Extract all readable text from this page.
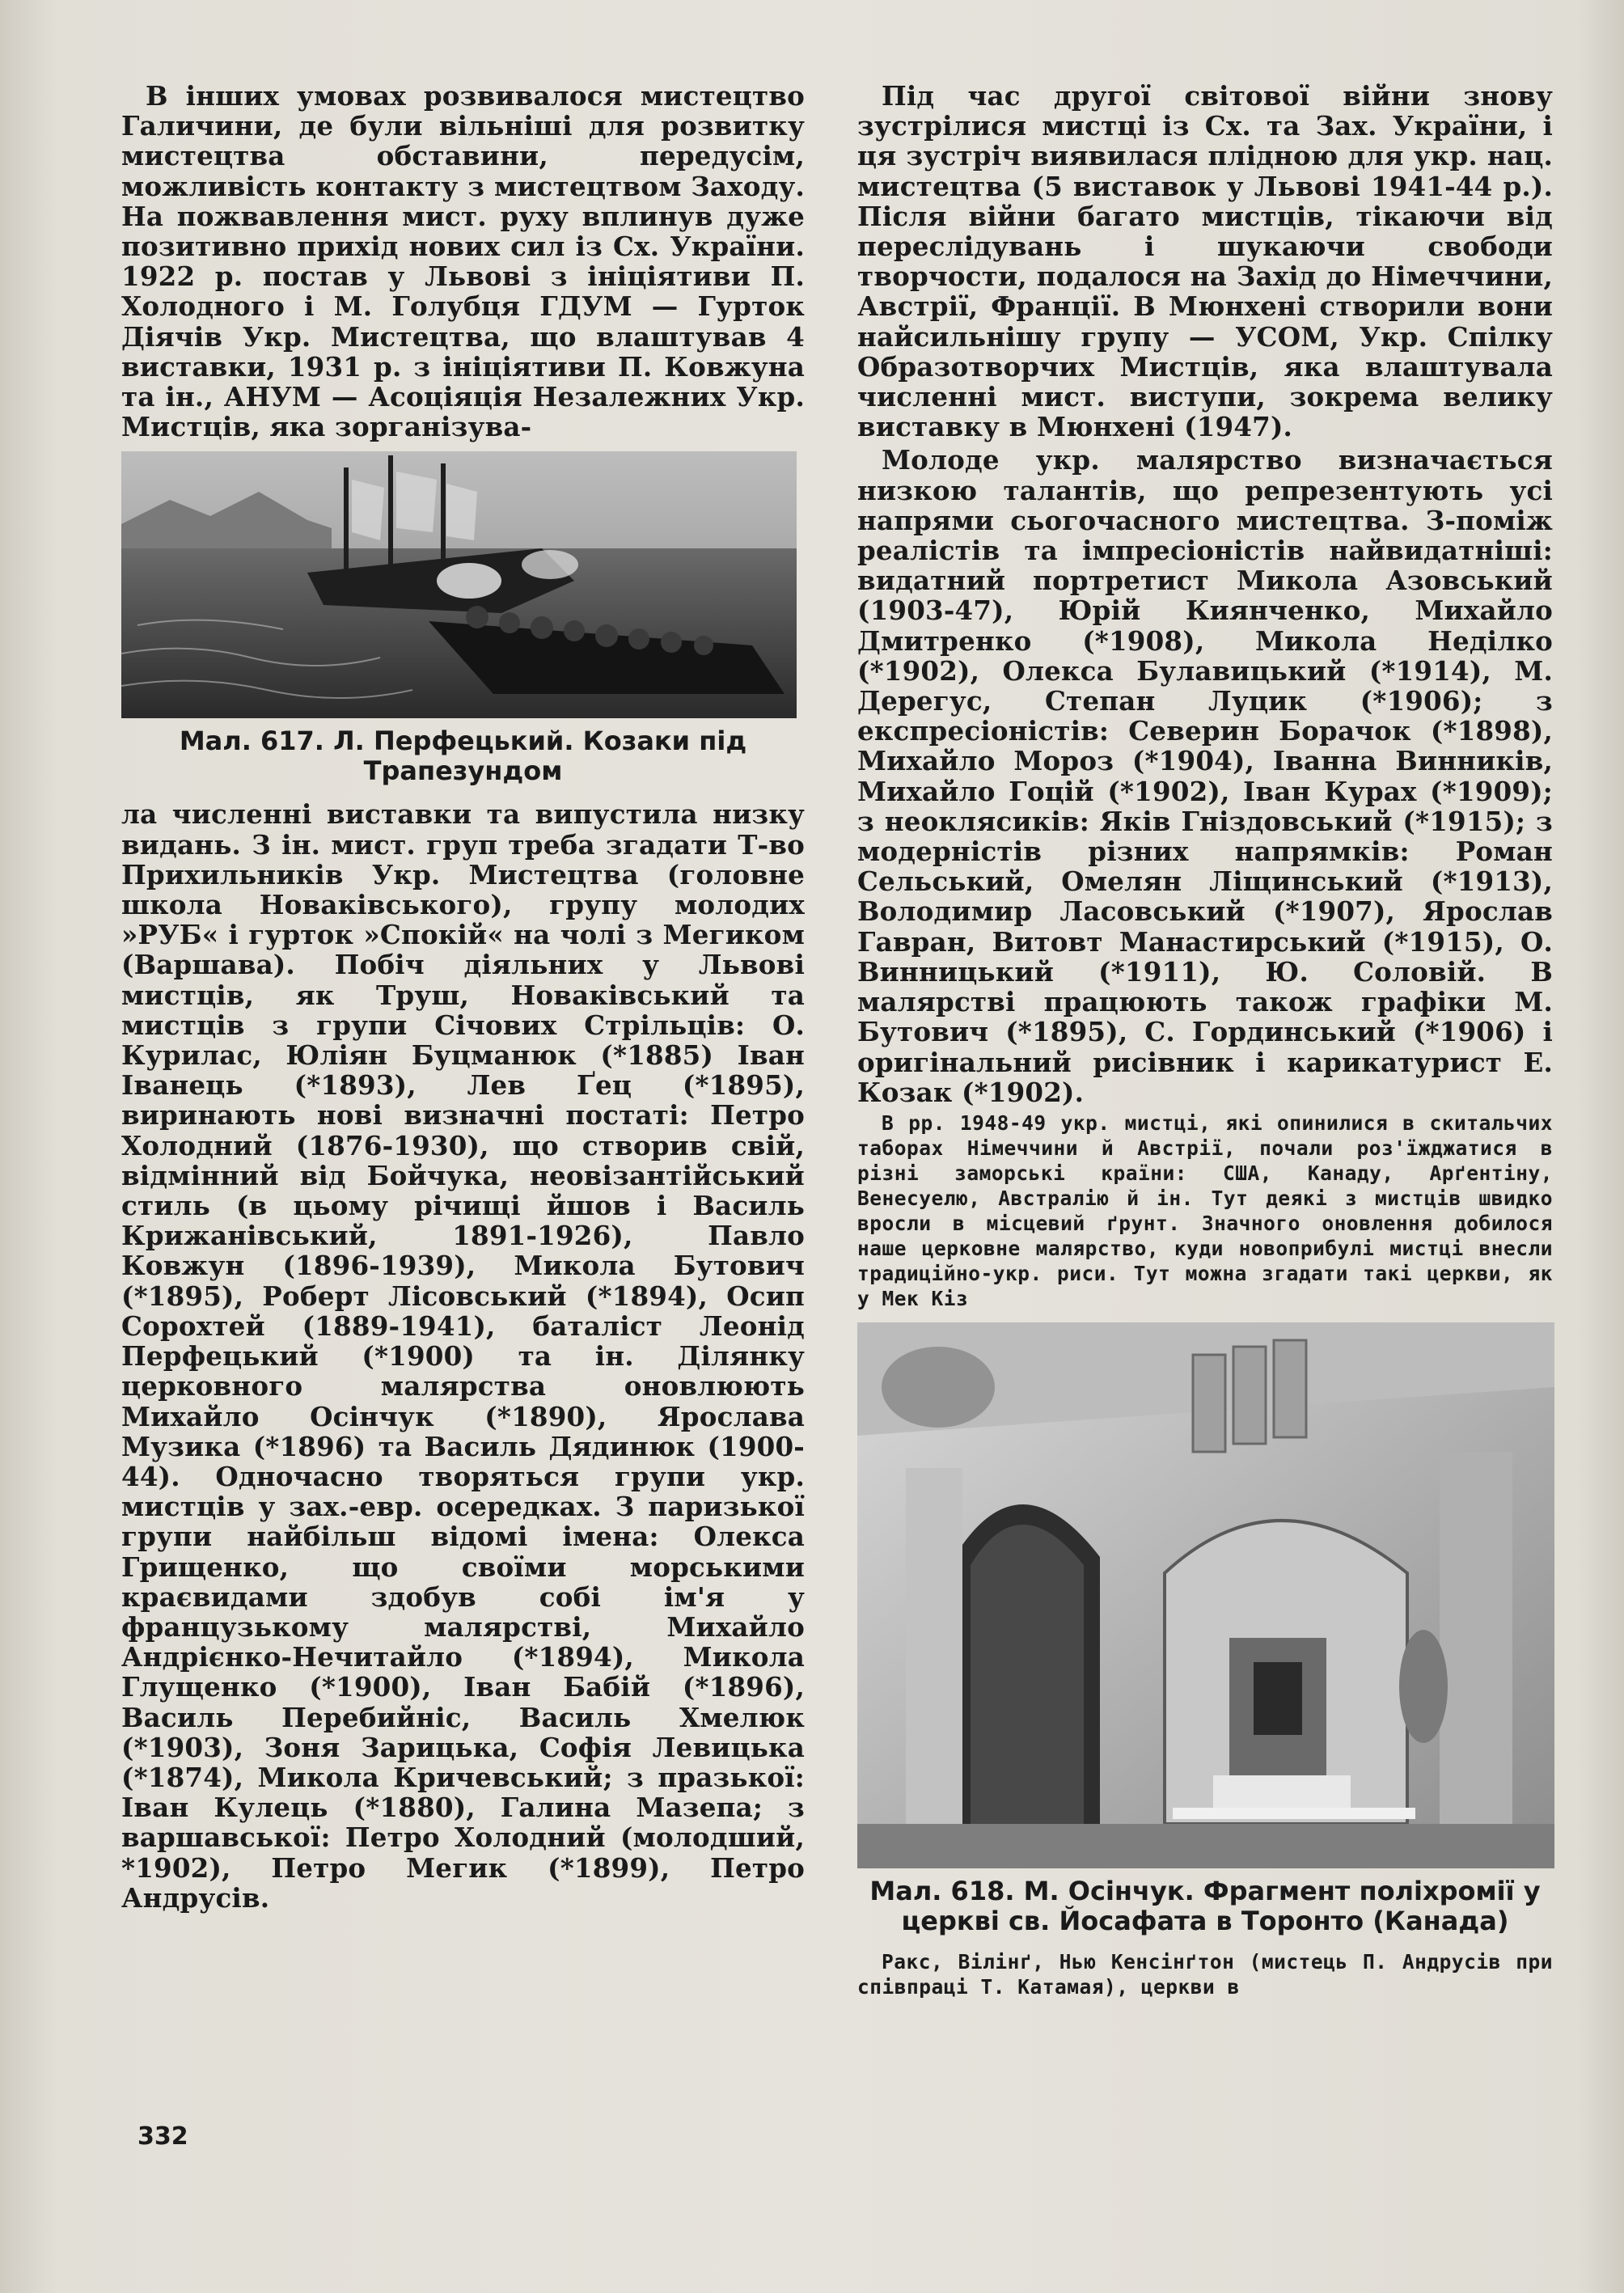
В інших умовах розвивалося мистецтво Галичини, де були вільніші для розвитку мистецтва обставини, передусім, можливість контакту з мистецтвом Заходу. На пожвавлення мист. руху вплинув дуже позитивно прихід нових сил із Сх. України. 1922 р. постав у Львові з ініціятиви П. Холодного і М. Голубця ГДУМ — Гурток Діячів Укр. Мистецтва, що влаштував 4 виставки, 1931 р. з ініціятиви П. Ковжуна та ін., АНУМ — Асоціяція Незалежних Укр. Мистців, яка зорганізува-

Мал. 617. Л. Перфецький. Козаки під Трапезундом

ла численні виставки та випустила низку видань. З ін. мист. груп треба згадати Т-во Прихильників Укр. Мистецтва (головне школа Новаківського), групу молодих »РУБ« і гурток »Спокій« на чолі з Мегиком (Варшава). Побіч діяльних у Львові мистців, як Труш, Новаківський та мистців з групи Січових Стрільців: О. Курилас, Юліян Буцманюк (*1885) Іван Іванець (*1893), Лев Ґец (*1895), виринають нові визначні постаті: Петро Холодний (1876-1930), що створив свій, відмінний від Бойчука, неовізантійський стиль (в цьому річищі йшов і Василь Крижанівський, 1891-1926), Павло Ковжун (1896-1939), Микола Бутович (*1895), Роберт Лісовський (*1894), Осип Сорохтей (1889-1941), баталіст Леонід Перфецький (*1900) та ін. Ділянку церковного малярства оновлюють Михайло Осінчук (*1890), Ярослава Музика (*1896) та Василь Дядинюк (1900-44). Одночасно творяться групи укр. мистців у зах.-евр. осередках. З паризької групи найбільш відомі імена: Олекса Грищенко, що своїми морськими краєвидами здобув собі ім'я у французькому малярстві, Михайло Андрієнко-Нечитайло (*1894), Микола Глущенко (*1900), Іван Бабій (*1896), Василь Перебийніс, Василь Хмелюк (*1903), Зоня Зарицька, Софія Левицька (*1874), Микола Кричевський; з празької: Іван Кулець (*1880), Галина Мазепа; з варшавської: Петро Холодний (молодший, *1902), Петро Мегик (*1899), Петро Андрусів.

Під час другої світової війни знову зустрілися мистці із Сх. та Зах. України, і ця зустріч виявилася плідною для укр. нац. мистецтва (5 виставок у Львові 1941-44 р.). Після війни багато мистців, тікаючи від переслідувань і шукаючи свободи творчости, подалося на Захід до Німеччини, Австрії, Франції. В Мюнхені створили вони найсильнішу групу — УСОМ, Укр. Спілку Образотворчих Мистців, яка влаштувала численні мист. виступи, зокрема велику виставку в Мюнхені (1947).

Молоде укр. малярство визначається низкою талантів, що репрезентують усі напрями сьогочасного мистецтва. З-поміж реалістів та імпресіоністів найвидатніші: видатний портретист Микола Азовський (1903-47), Юрій Киянченко, Михайло Дмитренко (*1908), Микола Неділко (*1902), Олекса Булавицький (*1914), М. Дерегус, Степан Луцик (*1906); з експресіоністів: Северин Борачок (*1898), Михайло Мороз (*1904), Іванна Винників, Михайло Гоцій (*1902), Іван Курах (*1909); з неоклясиків: Яків Гніздовський (*1915); з модерністів різних напрямків: Роман Сельський, Омелян Ліщинський (*1913), Володимир Ласовський (*1907), Ярослав Гавран, Витовт Манастирський (*1915), О. Винницький (*1911), Ю. Соловій. В малярстві працюють також графіки М. Бутович (*1895), С. Гординський (*1906) і оригінальний рисівник і карикатурист Е. Козак (*1902).

В рр. 1948-49 укр. мистці, які опинилися в скитальчих таборах Німеччини й Австрії, почали роз'їжджатися в різні заморські країни: США, Канаду, Арґентіну, Венесуелю, Австралію й ін. Тут деякі з мистців швидко вросли в місцевий ґрунт. Значного оновлення добилося наше церковне малярство, куди новоприбулі мистці внесли традиційно-укр. риси. Тут можна згадати такі церкви, як у Мек Кіз

Мал. 618. М. Осінчук. Фрагмент поліхромії у церкві св. Йосафата в Торонто (Канада)

Ракс, Вілінґ, Нью Кенсінґтон (мистець П. Андрусів при співпраці Т. Катамая), церкви в

332
